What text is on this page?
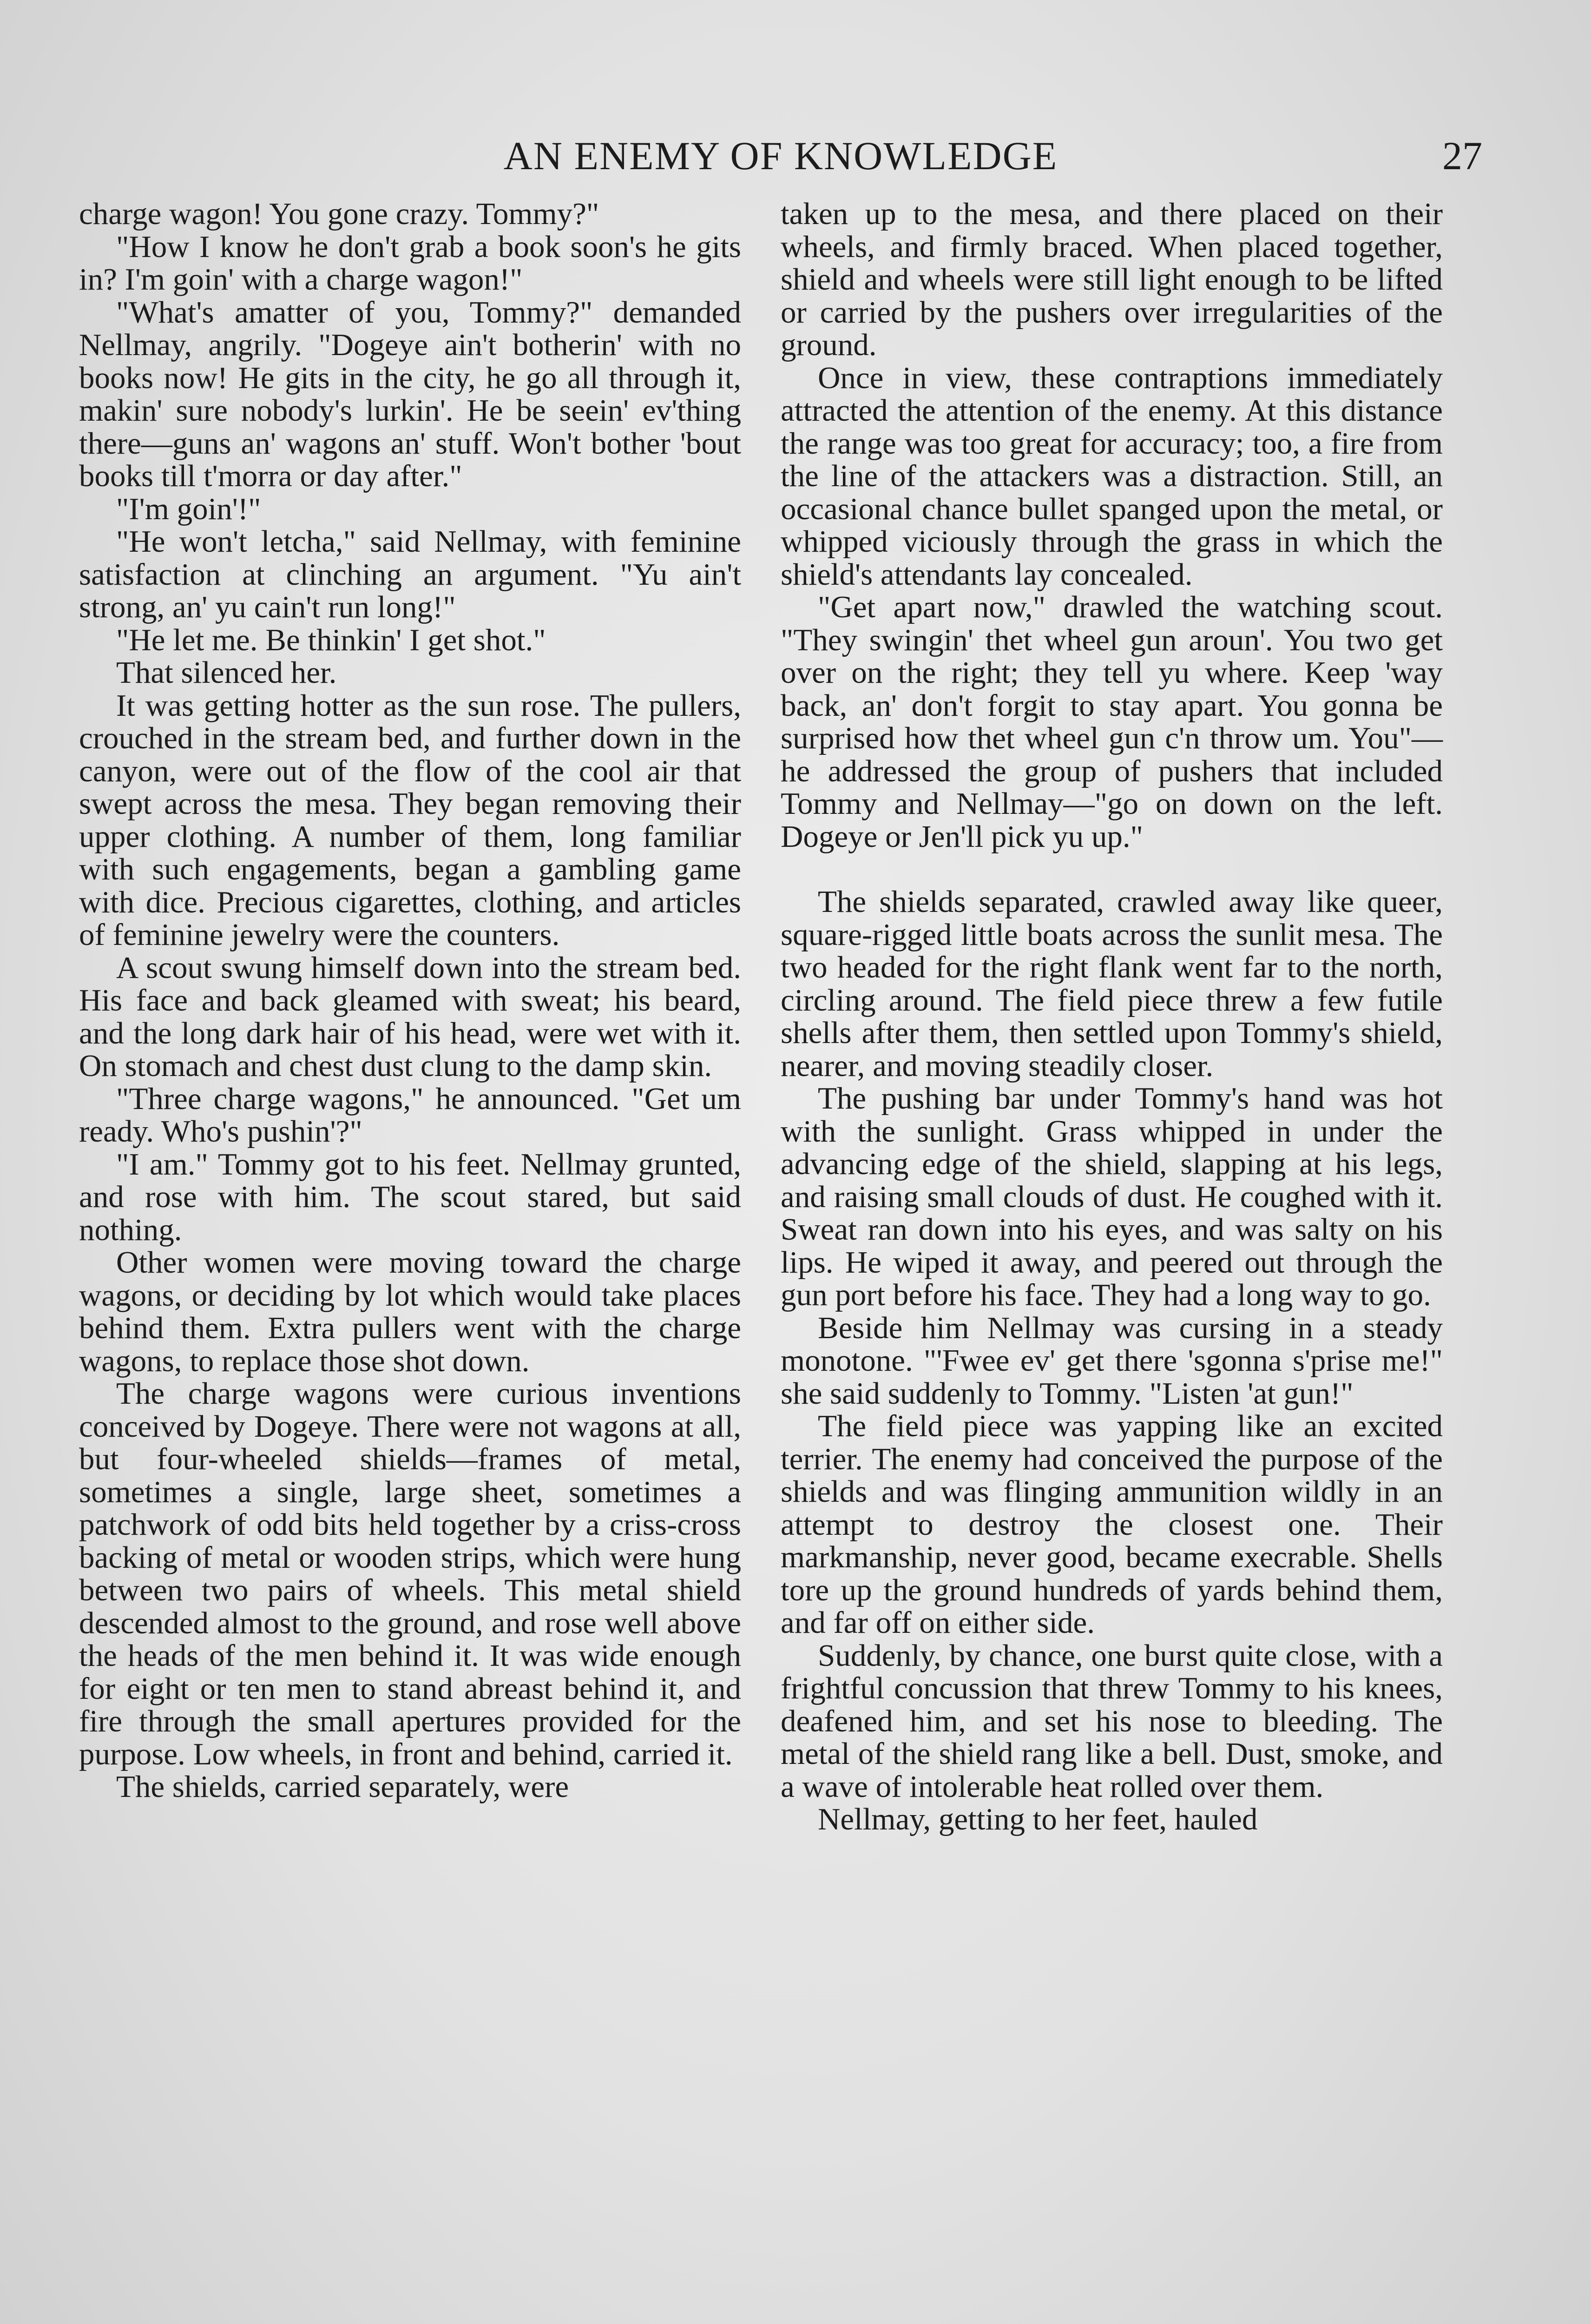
AN ENEMY OF KNOWLEDGE	27

charge wagon! You gone crazy. Tommy?"

"How I know he don't grab a book soon's he gits in? I'm goin' with a charge wagon!"

"What's amatter of you, Tommy?" demanded Nellmay, angrily. "Dogeye ain't botherin' with no books now! He gits in the city, he go all through it, makin' sure nobody's lurkin'. He be seein' ev'thing there—guns an' wagons an' stuff. Won't bother 'bout books till t'morra or day after."

"I'm goin'!"

"He won't letcha," said Nellmay, with feminine satisfaction at clinching an argument. "Yu ain't strong, an' yu cain't run long!"

"He let me. Be thinkin' I get shot."

That silenced her.

It was getting hotter as the sun rose. The pullers, crouched in the stream bed, and further down in the canyon, were out of the flow of the cool air that swept across the mesa. They began removing their upper clothing. A number of them, long familiar with such engagements, began a gambling game with dice. Precious cigarettes, clothing, and articles of feminine jewelry were the counters.

A scout swung himself down into the stream bed. His face and back gleamed with sweat; his beard, and the long dark hair of his head, were wet with it. On stomach and chest dust clung to the damp skin.

"Three charge wagons," he announced. "Get um ready. Who's pushin'?"

"I am." Tommy got to his feet. Nellmay grunted, and rose with him. The scout stared, but said nothing.

Other women were moving toward the charge wagons, or deciding by lot which would take places behind them. Extra pullers went with the charge wagons, to replace those shot down.

The charge wagons were curious inventions conceived by Dogeye. There were not wagons at all, but four-wheeled shields—frames of metal, sometimes a single, large sheet, sometimes a patchwork of odd bits held together by a criss-cross backing of metal or wooden strips, which were hung between two pairs of wheels. This metal shield descended almost to the ground, and rose well above the heads of the men behind it. It was wide enough for eight or ten men to stand abreast behind it, and fire through the small apertures provided for the purpose. Low wheels, in front and behind, carried it.

The shields, carried separately, were

taken up to the mesa, and there placed on their wheels, and firmly braced. When placed together, shield and wheels were still light enough to be lifted or carried by the pushers over irregularities of the ground.

Once in view, these contraptions immediately attracted the attention of the enemy. At this distance the range was too great for accuracy; too, a fire from the line of the attackers was a distraction. Still, an occasional chance bullet spanged upon the metal, or whipped viciously through the grass in which the shield's attendants lay concealed.

"Get apart now," drawled the watching scout. "They swingin' thet wheel gun aroun'. You two get over on the right; they tell yu where. Keep 'way back, an' don't forgit to stay apart. You gonna be surprised how thet wheel gun c'n throw um. You"—he addressed the group of pushers that included Tommy and Nellmay—"go on down on the left. Dogeye or Jen'll pick yu up."

The shields separated, crawled away like queer, square-rigged little boats across the sunlit mesa. The two headed for the right flank went far to the north, circling around. The field piece threw a few futile shells after them, then settled upon Tommy's shield, nearer, and moving steadily closer.

The pushing bar under Tommy's hand was hot with the sunlight. Grass whipped in under the advancing edge of the shield, slapping at his legs, and raising small clouds of dust. He coughed with it. Sweat ran down into his eyes, and was salty on his lips. He wiped it away, and peered out through the gun port before his face. They had a long way to go.

Beside him Nellmay was cursing in a steady monotone. "'Fwee ev' get there 'sgonna s'prise me!" she said suddenly to Tommy. "Listen 'at gun!"

The field piece was yapping like an excited terrier. The enemy had conceived the purpose of the shields and was flinging ammunition wildly in an attempt to destroy the closest one. Their markmanship, never good, became execrable. Shells tore up the ground hundreds of yards behind them, and far off on either side.

Suddenly, by chance, one burst quite close, with a frightful concussion that threw Tommy to his knees, deafened him, and set his nose to bleeding. The metal of the shield rang like a bell. Dust, smoke, and a wave of intolerable heat rolled over them.

Nellmay, getting to her feet, hauled
